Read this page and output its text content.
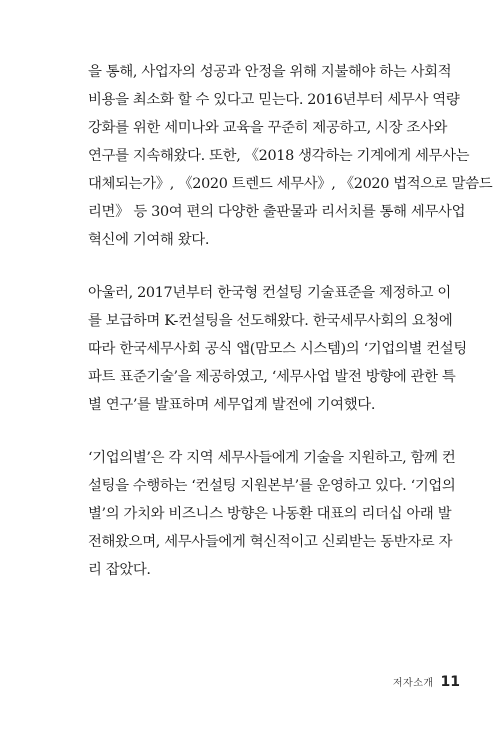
을 통해, 사업자의 성공과 안정을 위해 지불해야 하는 사회적
비용을 최소화 할 수 있다고 믿는다. 2016년부터 세무사 역량
강화를 위한 세미나와 교육을 꾸준히 제공하고, 시장 조사와
연구를 지속해왔다. 또한, 《2018 생각하는 기계에게 세무사는
대체되는가》, 《2020 트렌드 세무사》, 《2020 법적으로 말씀드
리면》 등 30여 편의 다양한 출판물과 리서치를 통해 세무사업
혁신에 기여해 왔다.

아울러, 2017년부터 한국형 컨설팅 기술표준을 제정하고 이
를 보급하며 K-컨설팅을 선도해왔다. 한국세무사회의 요청에
따라 한국세무사회 공식 앱(맘모스 시스템)의 ‘기업의별 컨설팅
파트 표준기술’을 제공하였고, ‘세무사업 발전 방향에 관한 특
별 연구’를 발표하며 세무업계 발전에 기여했다.

‘기업의별’은 각 지역 세무사들에게 기술을 지원하고, 함께 컨
설팅을 수행하는 ‘컨설팅 지원본부’를 운영하고 있다. ‘기업의
별’의 가치와 비즈니스 방향은 나동환 대표의 리더십 아래 발
전해왔으며, 세무사들에게 혁신적이고 신뢰받는 동반자로 자
리 잡았다.

저자소개 11
